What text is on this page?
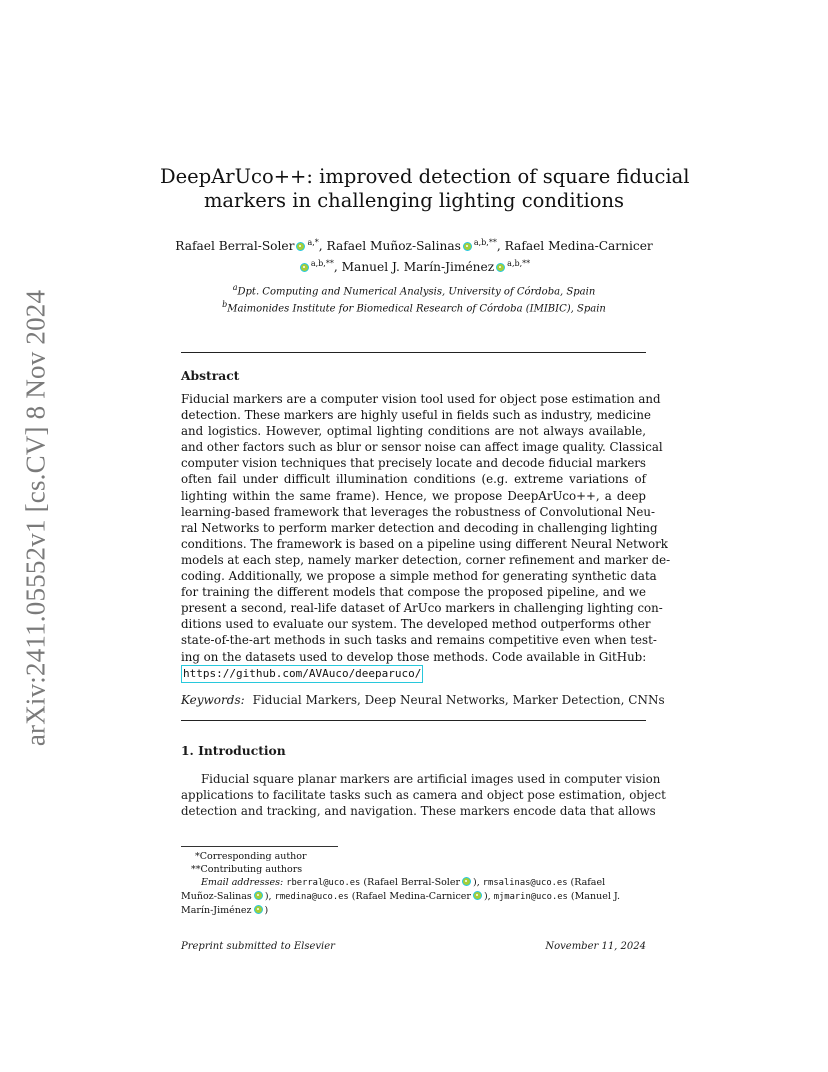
arXiv:2411.05552v1 [cs.CV] 8 Nov 2024
DeepArUco++: improved detection of square fiducial
markers in challenging lighting conditions
Rafael Berral-Soler $^{a,*}$, Rafael Muñoz-Salinas $^{a,b,**}$, Rafael Medina-Carnicer
$^{a,b,**}$, Manuel J. Marín-Jiménez $^{a,b,**}$
$^a$Dpt. Computing and Numerical Analysis, University of Córdoba, Spain
$^b$Maimonides Institute for Biomedical Research of Córdoba (IMIBIC), Spain
Abstract
Fiducial markers are a computer vision tool used for object pose estimation and
detection. These markers are highly useful in fields such as industry, medicine
and logistics. However, optimal lighting conditions are not always available,
and other factors such as blur or sensor noise can affect image quality. Classical
computer vision techniques that precisely locate and decode fiducial markers
often fail under difficult illumination conditions (e.g. extreme variations of
lighting within the same frame). Hence, we propose DeepArUco++, a deep
learning-based framework that leverages the robustness of Convolutional Neu-
ral Networks to perform marker detection and decoding in challenging lighting
conditions. The framework is based on a pipeline using different Neural Network
models at each step, namely marker detection, corner refinement and marker de-
coding. Additionally, we propose a simple method for generating synthetic data
for training the different models that compose the proposed pipeline, and we
present a second, real-life dataset of ArUco markers in challenging lighting con-
ditions used to evaluate our system. The developed method outperforms other
state-of-the-art methods in such tasks and remains competitive even when test-
ing on the datasets used to develop those methods. Code available in GitHub:
https://github.com/AVAuco/deeparuco/
Keywords: Fiducial Markers, Deep Neural Networks, Marker Detection, CNNs
1. Introduction
Fiducial square planar markers are artificial images used in computer vision
applications to facilitate tasks such as camera and object pose estimation, object
detection and tracking, and navigation. These markers encode data that allows
*Corresponding author
**Contributing authors
Email addresses: rberral@uco.es (Rafael Berral-Soler ), rmsalinas@uco.es (Rafael
Muñoz-Salinas ), rmedina@uco.es (Rafael Medina-Carnicer ), mjmarin@uco.es (Manuel J.
Marín-Jiménez )
Preprint submitted to Elsevier	November 11, 2024
